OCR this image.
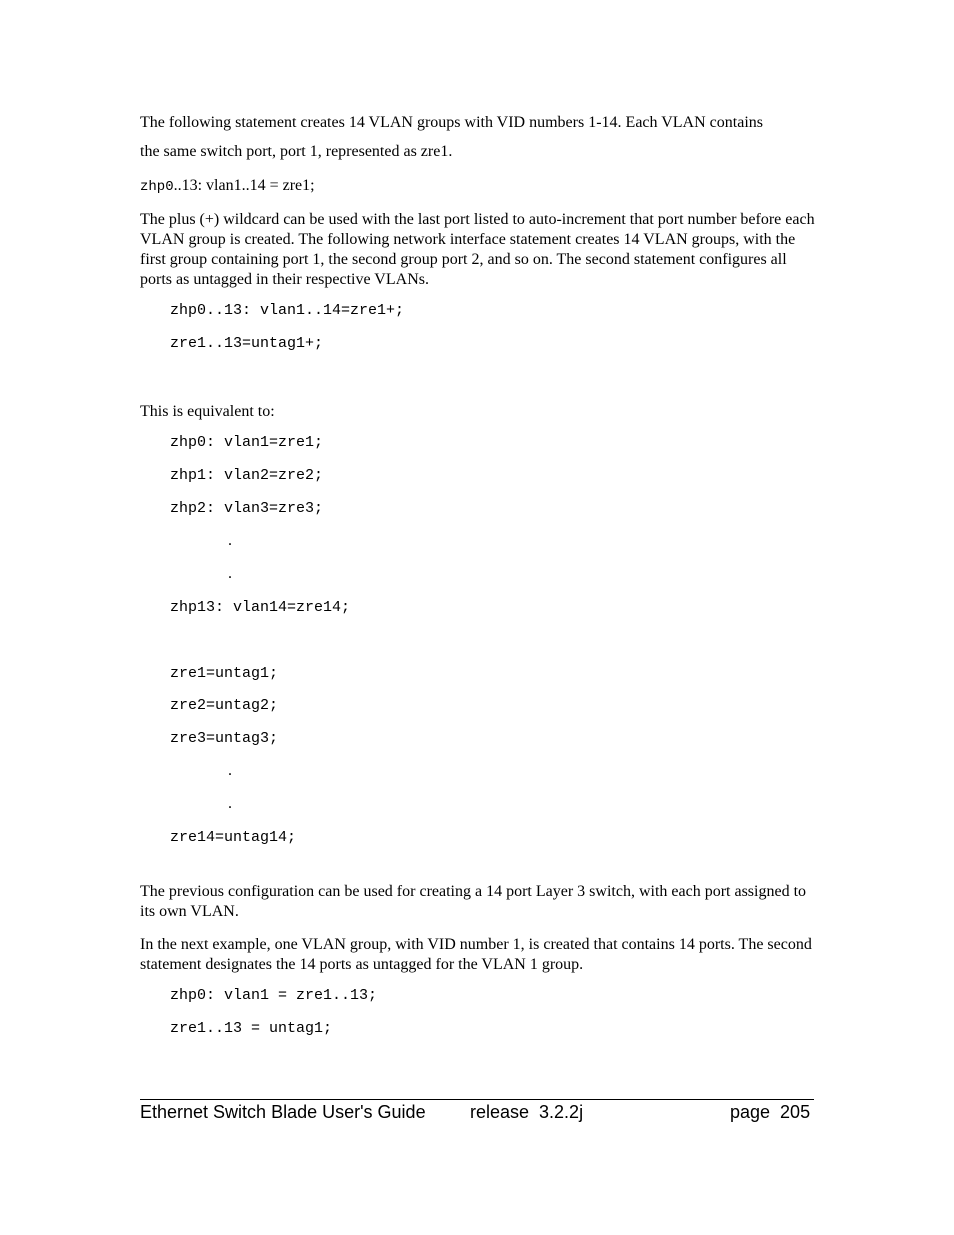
The following statement creates 14 VLAN groups with VID numbers 1-14. Each VLAN contains
the same switch port, port 1, represented as zre1.
zhp0..13: vlan1..14 = zre1;
The plus (+) wildcard can be used with the last port listed to auto-increment that port number before each VLAN group is created. The following network interface statement creates 14 VLAN groups, with the first group containing port 1, the second group port 2, and so on. The second statement configures all ports as untagged in their respective VLANs.
zhp0..13: vlan1..14=zre1+;
zre1..13=untag1+;
This is equivalent to:
zhp0: vlan1=zre1;
zhp1: vlan2=zre2;
zhp2: vlan3=zre3;
.
.
zhp13: vlan14=zre14;
zre1=untag1;
zre2=untag2;
zre3=untag3;
.
.
zre14=untag14;
The previous configuration can be used for creating a 14 port Layer 3 switch, with each port assigned to its own VLAN.
In the next example, one VLAN group, with VID number 1, is created that contains 14 ports. The second statement designates the 14 ports as untagged for the VLAN 1 group.
zhp0: vlan1 = zre1..13;
zre1..13 = untag1;
Ethernet Switch Blade User's Guide release  3.2.2j	page  205
